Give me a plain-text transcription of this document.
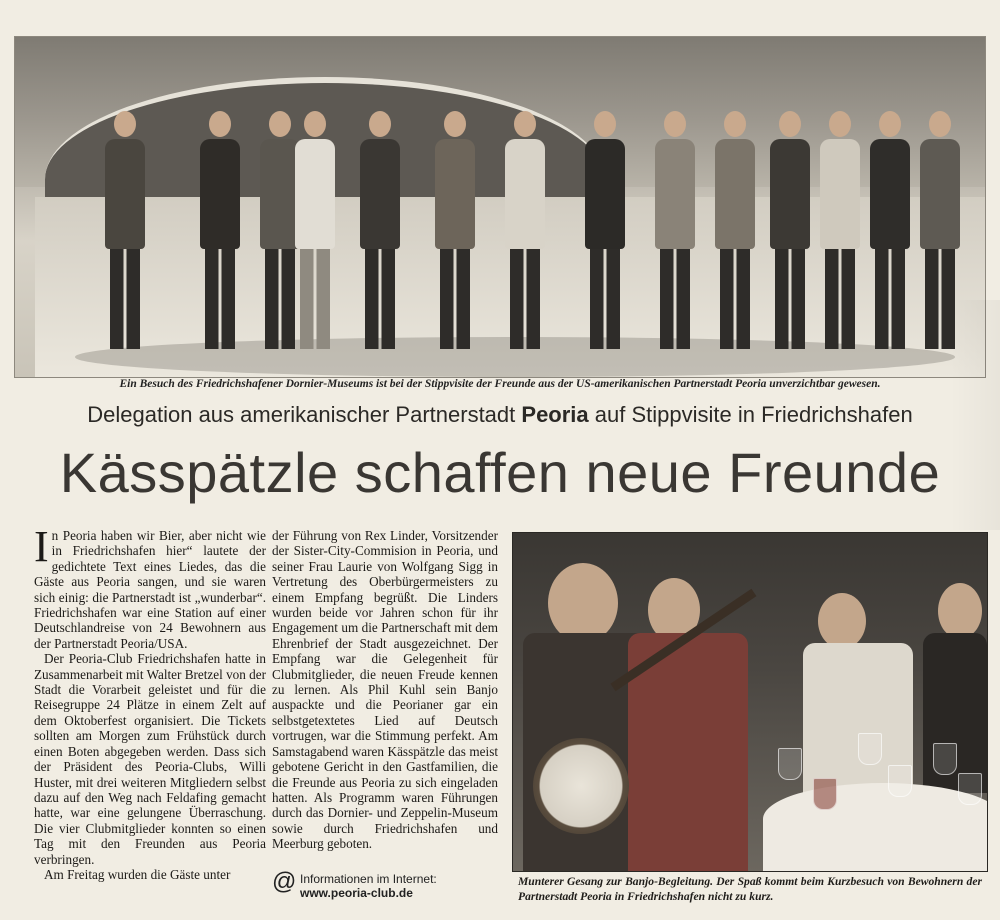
Ein Besuch des Friedrichshafener Dornier-Museums ist bei der Stippvisite der Freunde aus der US-amerikanischen Partnerstadt Peoria unverzichtbar gewesen.
Delegation aus amerikanischer Partnerstadt Peoria auf Stippvisite in Friedrichshafen
Kässpätzle schaffen neue Freunde

In Peoria haben wir Bier, aber nicht wie in Friedrichshafen hier“ lautete der gedichtete Text eines Liedes, das die Gäste aus Peoria sangen, und sie waren sich einig: die Partnerstadt ist „wunderbar“. Friedrichshafen war eine Station auf einer Deutschlandreise von 24 Bewohnern aus der Partnerstadt Peoria/USA.

Der Peoria-Club Friedrichshafen hatte in Zusammenarbeit mit Walter Bretzel von der Stadt die Vorarbeit geleistet und für die Reisegruppe 24 Plätze in einem Zelt auf dem Oktoberfest organisiert. Die Tickets sollten am Morgen zum Frühstück durch einen Boten abgegeben werden. Dass sich der Präsident des Peoria-Clubs, Willi Huster, mit drei weiteren Mitgliedern selbst dazu auf den Weg nach Feldafing gemacht hatte, war eine gelungene Überraschung. Die vier Clubmitglieder konnten so einen Tag mit den Freunden aus Peoria verbringen.

Am Freitag wurden die Gäste unter

der Führung von Rex Linder, Vorsitzender der Sister-City-Commision in Peoria, und seiner Frau Laurie von Wolfgang Sigg in Vertretung des Oberbürgermeisters zu einem Empfang begrüßt. Die Linders wurden beide vor Jahren schon für ihr Engagement um die Partnerschaft mit dem Ehrenbrief der Stadt ausgezeichnet. Der Empfang war die Gelegenheit für Clubmitglieder, die neuen Freude kennen zu lernen. Als Phil Kuhl sein Banjo auspackte und die Peorianer gar ein selbstgetextetes Lied auf Deutsch vortrugen, war die Stimmung perfekt. Am Samstagabend waren Kässpätzle das meist gebotene Gericht in den Gastfamilien, die die Freunde aus Peoria zu sich eingeladen hatten. Als Programm waren Führungen durch das Dornier- und Zeppelin-Museum sowie durch Friedrichshafen und Meerburg geboten.

@ Informationen im Internet:
www.peoria-club.de
Munterer Gesang zur Banjo-Begleitung. Der Spaß kommt beim Kurzbesuch von Bewohnern der Partnerstadt Peoria in Friedrichshafen nicht zu kurz.
